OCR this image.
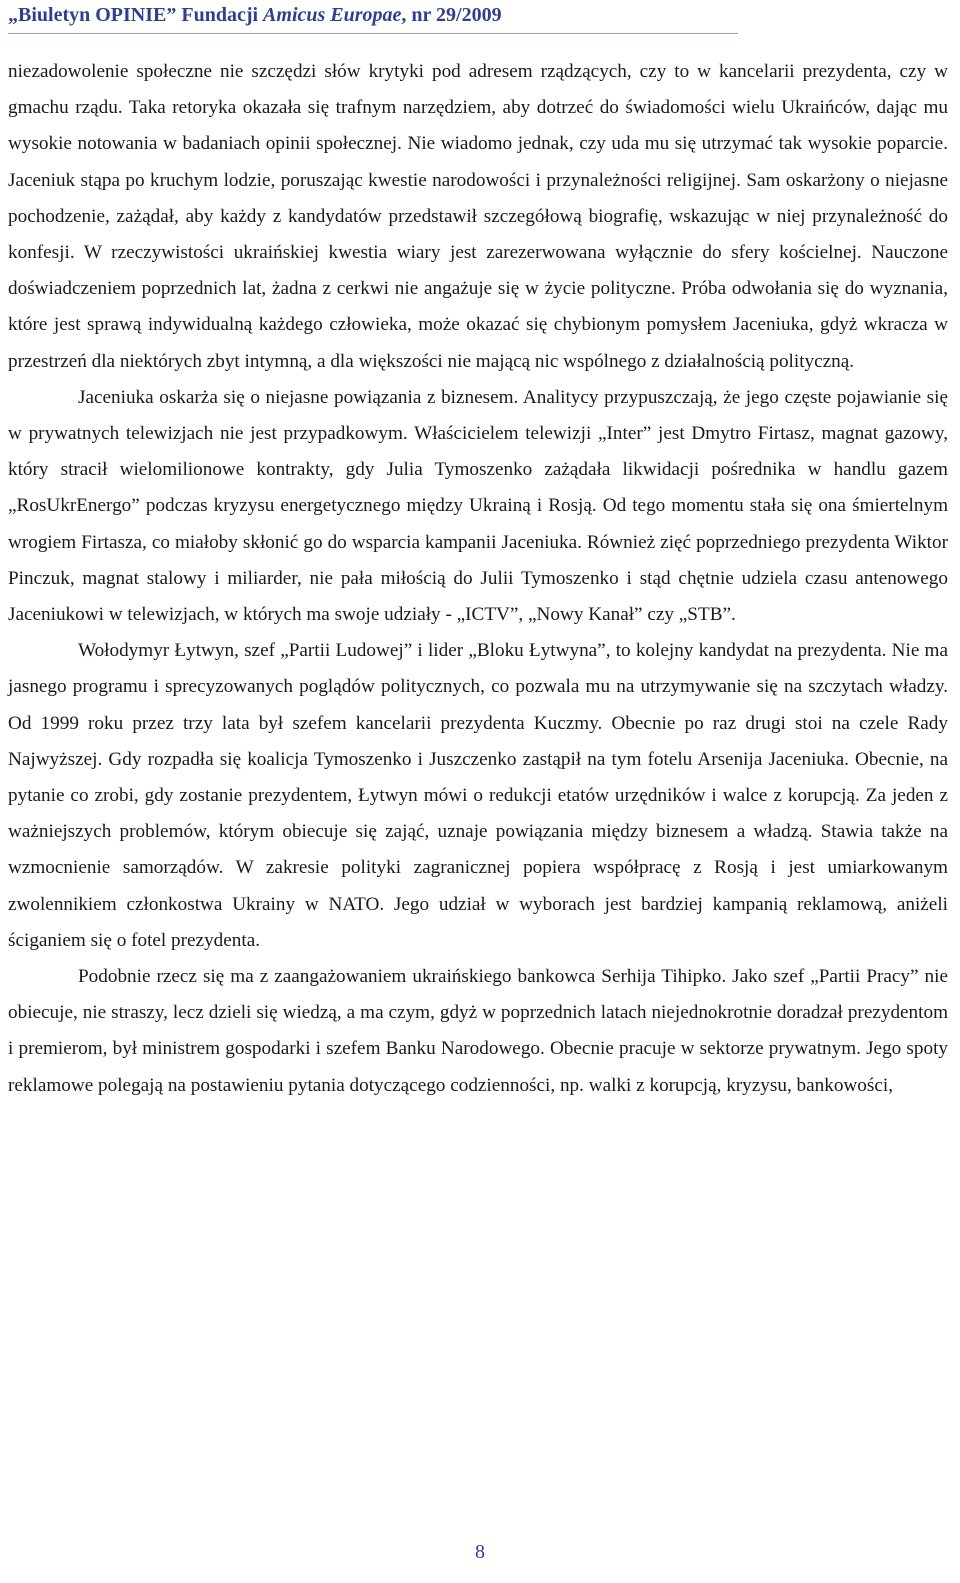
„Biuletyn OPINIE” Fundacji Amicus Europae, nr 29/2009

niezadowolenie społeczne nie szczędzi słów krytyki pod adresem rządzących, czy to w kancelarii prezydenta, czy w gmachu rządu. Taka retoryka okazała się trafnym narzędziem, aby dotrzeć do świadomości wielu Ukraińców, dając mu wysokie notowania w badaniach opinii społecznej. Nie wiadomo jednak, czy uda mu się utrzymać tak wysokie poparcie. Jaceniuk stąpa po kruchym lodzie, poruszając kwestie narodowości i przynależności religijnej. Sam oskarżony o niejasne pochodzenie, zażądał, aby każdy z kandydatów przedstawił szczegółową biografię, wskazując w niej przynależność do konfesji. W rzeczywistości ukraińskiej kwestia wiary jest zarezerwowana wyłącznie do sfery kościelnej. Nauczone doświadczeniem poprzednich lat, żadna z cerkwi nie angażuje się w życie polityczne. Próba odwołania się do wyznania, które jest sprawą indywidualną każdego człowieka, może okazać się chybionym pomysłem Jaceniuka, gdyż wkracza w przestrzeń dla niektórych zbyt intymną, a dla większości nie mającą nic wspólnego z działalnością polityczną.

Jaceniuka oskarża się o niejasne powiązania z biznesem. Analitycy przypuszczają, że jego częste pojawianie się w prywatnych telewizjach nie jest przypadkowym. Właścicielem telewizji „Inter” jest Dmytro Firtasz, magnat gazowy, który stracił wielomilionowe kontrakty, gdy Julia Tymoszenko zażądała likwidacji pośrednika w handlu gazem „RosUkrEnergo” podczas kryzysu energetycznego między Ukrainą i Rosją. Od tego momentu stała się ona śmiertelnym wrogiem Firtasza, co miałoby skłonić go do wsparcia kampanii Jaceniuka. Również zięć poprzedniego prezydenta Wiktor Pinczuk, magnat stalowy i miliarder, nie pała miłością do Julii Tymoszenko i stąd chętnie udziela czasu antenowego Jaceniukowi w telewizjach, w których ma swoje udziały - „ICTV”, „Nowy Kanał” czy „STB”.

Wołodymyr Łytwyn, szef „Partii Ludowej” i lider „Bloku Łytwyna”, to kolejny kandydat na prezydenta. Nie ma jasnego programu i sprecyzowanych poglądów politycznych, co pozwala mu na utrzymywanie się na szczytach władzy. Od 1999 roku przez trzy lata był szefem kancelarii prezydenta Kuczmy. Obecnie po raz drugi stoi na czele Rady Najwyższej. Gdy rozpadła się koalicja Tymoszenko i Juszczenko zastąpił na tym fotelu Arsenija Jaceniuka. Obecnie, na pytanie co zrobi, gdy zostanie prezydentem, Łytwyn mówi o redukcji etatów urzędników i walce z korupcją. Za jeden z ważniejszych problemów, którym obiecuje się zająć, uznaje powiązania między biznesem a władzą. Stawia także na wzmocnienie samorządów. W zakresie polityki zagranicznej popiera współpracę z Rosją i jest umiarkowanym zwolennikiem członkostwa Ukrainy w NATO. Jego udział w wyborach jest bardziej kampanią reklamową, aniżeli ściganiem się o fotel prezydenta.

Podobnie rzecz się ma z zaangażowaniem ukraińskiego bankowca Serhija Tihipko. Jako szef „Partii Pracy” nie obiecuje, nie straszy, lecz dzieli się wiedzą, a ma czym, gdyż w poprzednich latach niejednokrotnie doradzał prezydentom i premierom, był ministrem gospodarki i szefem Banku Narodowego. Obecnie pracuje w sektorze prywatnym. Jego spoty reklamowe polegają na postawieniu pytania dotyczącego codzienności, np. walki z korupcją, kryzysu, bankowości,

8
